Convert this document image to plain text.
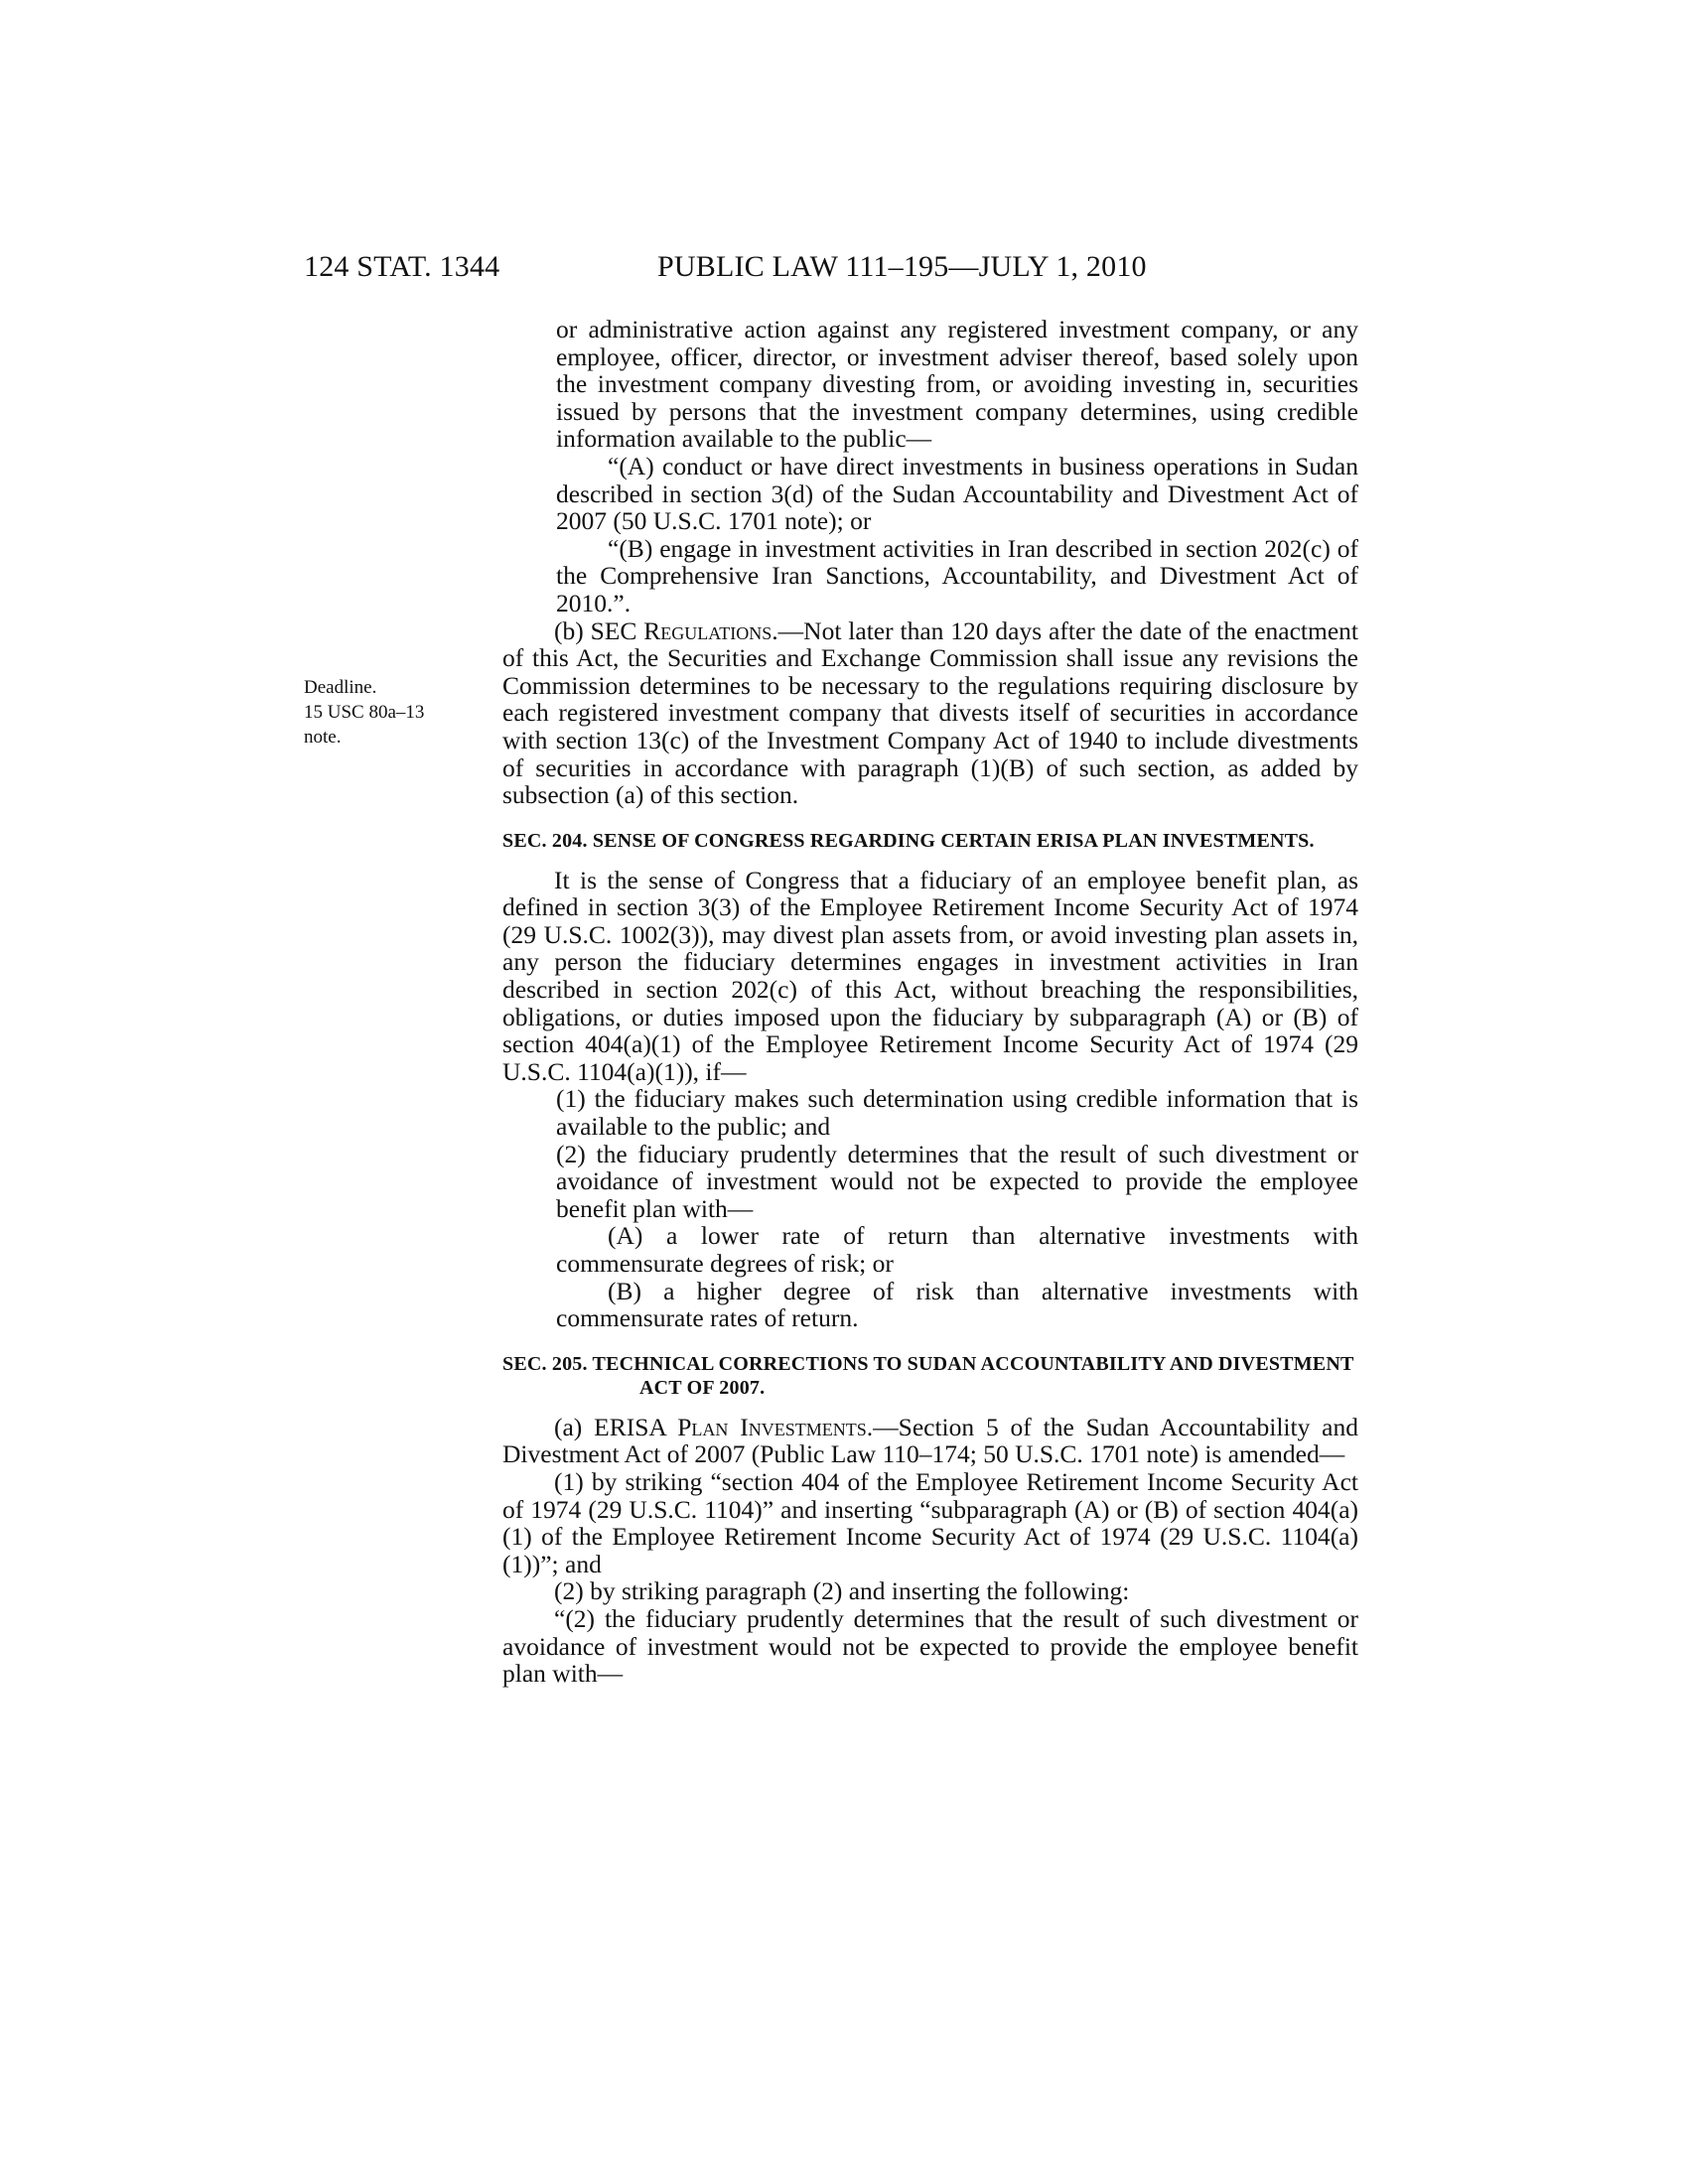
124 STAT. 1344	PUBLIC LAW 111–195—JULY 1, 2010
Deadline.
15 USC 80a–13
note.

or administrative action against any registered investment company, or any employee, officer, director, or investment adviser thereof, based solely upon the investment company divesting from, or avoiding investing in, securities issued by persons that the investment company determines, using credible information available to the public—

“(A) conduct or have direct investments in business operations in Sudan described in section 3(d) of the Sudan Accountability and Divestment Act of 2007 (50 U.S.C. 1701 note); or

“(B) engage in investment activities in Iran described in section 202(c) of the Comprehensive Iran Sanctions, Accountability, and Divestment Act of 2010.”.

(b) SEC Regulations.—Not later than 120 days after the date of the enactment of this Act, the Securities and Exchange Commission shall issue any revisions the Commission determines to be necessary to the regulations requiring disclosure by each registered investment company that divests itself of securities in accordance with section 13(c) of the Investment Company Act of 1940 to include divestments of securities in accordance with paragraph (1)(B) of such section, as added by subsection (a) of this section.

SEC. 204. SENSE OF CONGRESS REGARDING CERTAIN ERISA PLAN INVESTMENTS.

It is the sense of Congress that a fiduciary of an employee benefit plan, as defined in section 3(3) of the Employee Retirement Income Security Act of 1974 (29 U.S.C. 1002(3)), may divest plan assets from, or avoid investing plan assets in, any person the fiduciary determines engages in investment activities in Iran described in section 202(c) of this Act, without breaching the responsibilities, obligations, or duties imposed upon the fiduciary by subparagraph (A) or (B) of section 404(a)(1) of the Employee Retirement Income Security Act of 1974 (29 U.S.C. 1104(a)(1)), if—

(1) the fiduciary makes such determination using credible information that is available to the public; and

(2) the fiduciary prudently determines that the result of such divestment or avoidance of investment would not be expected to provide the employee benefit plan with—

(A) a lower rate of return than alternative investments with commensurate degrees of risk; or

(B) a higher degree of risk than alternative investments with commensurate rates of return.

SEC. 205. TECHNICAL CORRECTIONS TO SUDAN ACCOUNTABILITY AND DIVESTMENT ACT OF 2007.

(a) ERISA Plan Investments.—Section 5 of the Sudan Accountability and Divestment Act of 2007 (Public Law 110–174; 50 U.S.C. 1701 note) is amended—

(1) by striking “section 404 of the Employee Retirement Income Security Act of 1974 (29 U.S.C. 1104)” and inserting “subparagraph (A) or (B) of section 404(a)(1) of the Employee Retirement Income Security Act of 1974 (29 U.S.C. 1104(a)(1))”; and

(2) by striking paragraph (2) and inserting the following:

“(2) the fiduciary prudently determines that the result of such divestment or avoidance of investment would not be expected to provide the employee benefit plan with—
